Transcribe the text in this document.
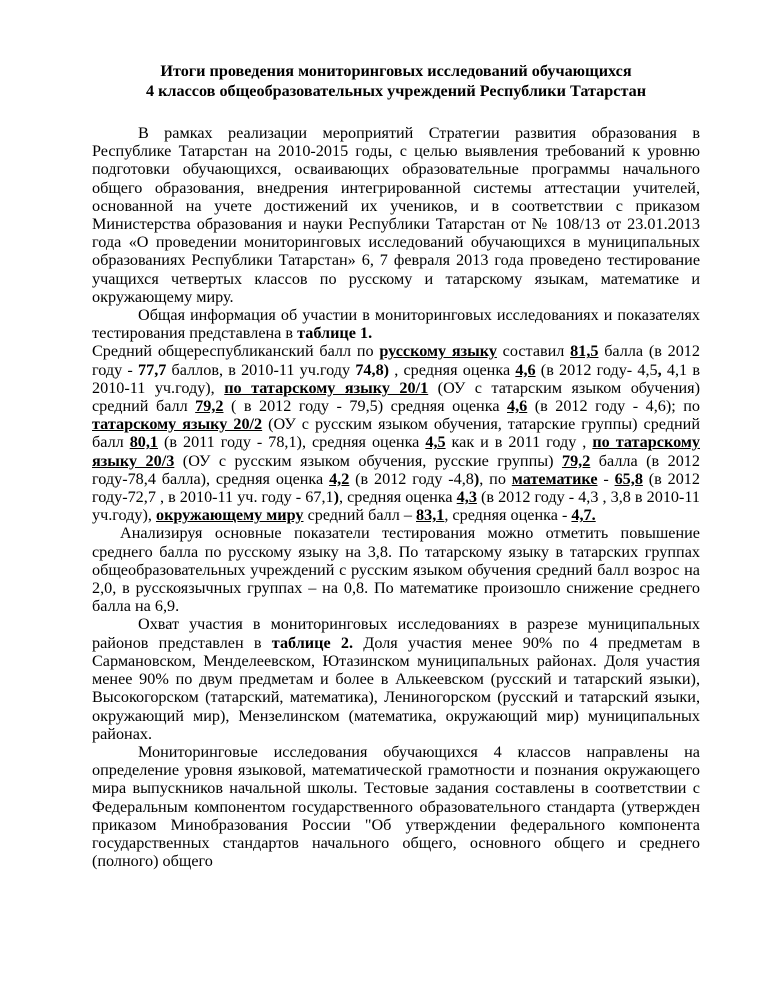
Итоги проведения мониторинговых исследований обучающихся
4 классов общеобразовательных учреждений Республики Татарстан

В рамках реализации мероприятий Стратегии развития образования в Республике Татарстан на 2010-2015 годы, с целью выявления требований к уровню подготовки обучающихся, осваивающих образовательные программы начального общего образования, внедрения интегрированной системы аттестации учителей, основанной на учете достижений их учеников, и в соответствии с приказом Министерства образования и науки Республики Татарстан от № 108/13 от 23.01.2013 года «О проведении мониторинговых исследований обучающихся в муниципальных образованиях Республики Татарстан» 6, 7 февраля 2013 года проведено тестирование учащихся четвертых классов по русскому и татарскому языкам, математике и окружающему миру.

Общая информация об участии в мониторинговых исследованиях и показателях тестирования представлена в таблице 1.

Средний общереспубликанский балл по русскому языку составил 81,5 балла (в 2012 году - 77,7 баллов, в 2010-11 уч.году 74,8) , средняя оценка 4,6 (в 2012 году- 4,5, 4,1 в 2010-11 уч.году), по татарскому языку 20/1 (ОУ с татарским языком обучения) средний балл 79,2 ( в 2012 году - 79,5) средняя оценка 4,6 (в 2012 году - 4,6); по татарскому языку 20/2 (ОУ с русским языком обучения, татарские группы) средний балл 80,1 (в 2011 году - 78,1), средняя оценка 4,5 как и в 2011 году , по татарскому языку 20/3 (ОУ с русским языком обучения, русские группы) 79,2 балла (в 2012 году-78,4 балла), средняя оценка 4,2 (в 2012 году -4,8), по математике - 65,8 (в 2012 году-72,7 , в 2010-11 уч. году - 67,1), средняя оценка 4,3 (в 2012 году - 4,3 , 3,8 в 2010-11 уч.году), окружающему миру средний балл – 83,1, средняя оценка - 4,7.

Анализируя основные показатели тестирования можно отметить повышение среднего балла по русскому языку на 3,8. По татарскому языку в татарских группах общеобразовательных учреждений с русским языком обучения средний балл возрос на 2,0, в русскоязычных группах – на 0,8. По математике произошло снижение среднего балла на 6,9.

Охват участия в мониторинговых исследованиях в разрезе муниципальных районов представлен в таблице 2. Доля участия менее 90% по 4 предметам в Сармановском, Менделеевском, Ютазинском муниципальных районах. Доля участия менее 90% по двум предметам и более в Алькеевском (русский и татарский языки), Высокогорском (татарский, математика), Лениногорском (русский и татарский языки, окружающий мир), Мензелинском (математика, окружающий мир) муниципальных районах.

Мониторинговые исследования обучающихся 4 классов направлены на определение уровня языковой, математической грамотности и познания окружающего мира выпускников начальной школы. Тестовые задания составлены в соответствии с Федеральным компонентом государственного образовательного стандарта (утвержден приказом Минобразования России "Об утверждении федерального компонента государственных стандартов начального общего, основного общего и среднего (полного) общего
